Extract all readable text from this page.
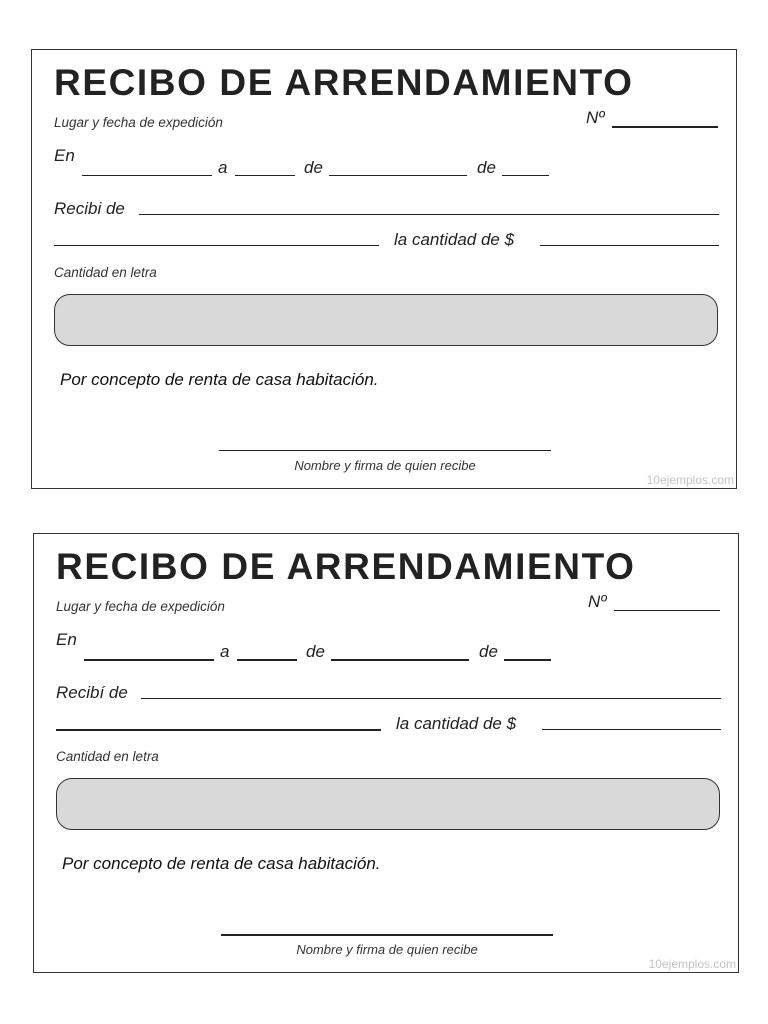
RECIBO DE ARRENDAMIENTO
Lugar y fecha de expedición	Nº
En
a	de	de
Recibi de
la cantidad de $
Cantidad en letra
Por concepto de renta de casa habitación.
Nombre y firma de quien recibe
10ejemplos.com
RECIBO DE ARRENDAMIENTO
Lugar y fecha de expedición	Nº
En
a	de	de
Recibí de
la cantidad de $
Cantidad en letra
Por concepto de renta de casa habitación.
Nombre y firma de quien recibe
10ejemplos.com
